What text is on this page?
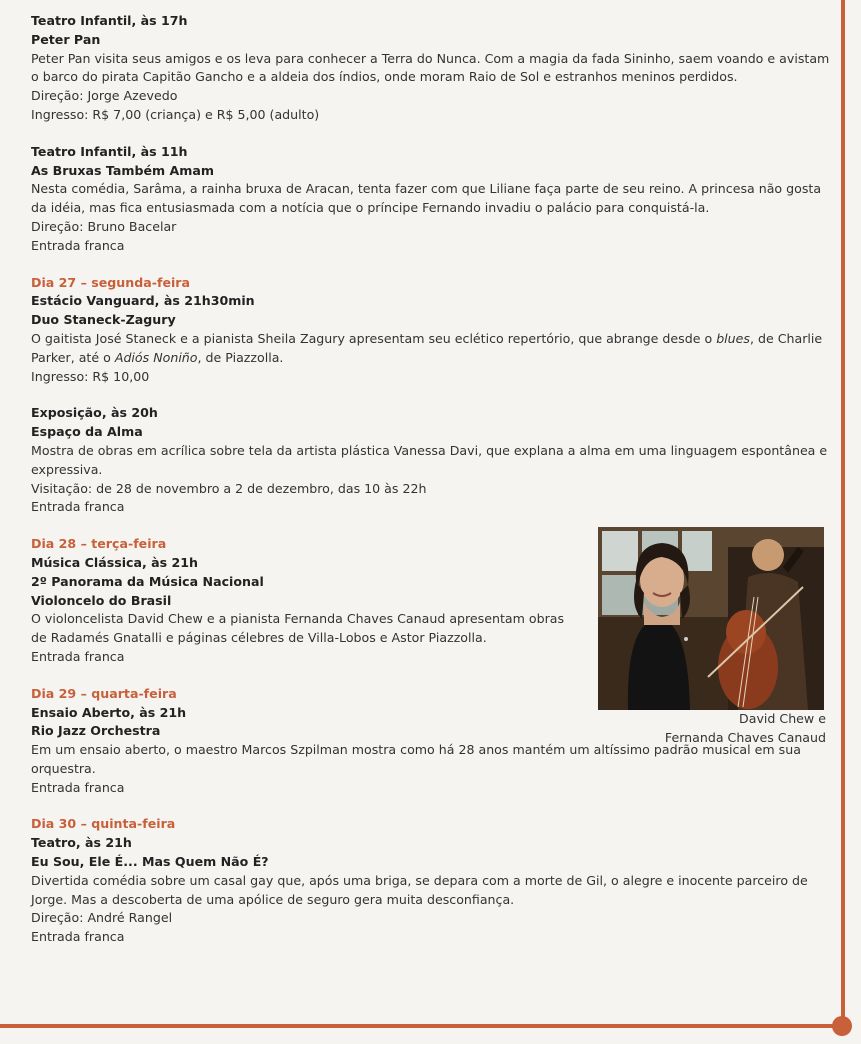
Teatro Infantil, às 17h
Peter Pan
Peter Pan visita seus amigos e os leva para conhecer a Terra do Nunca. Com a magia da fada Sininho, saem voando e avistam o barco do pirata Capitão Gancho e a aldeia dos índios, onde moram Raio de Sol e estranhos meninos perdidos.
Direção: Jorge Azevedo
Ingresso: R$ 7,00 (criança) e R$ 5,00 (adulto)
Teatro Infantil, às 11h
As Bruxas Também Amam
Nesta comédia, Sarâma, a rainha bruxa de Aracan, tenta fazer com que Liliane faça parte de seu reino. A princesa não gosta da idéia, mas fica entusiasmada com a notícia que o príncipe Fernando invadiu o palácio para conquistá-la.
Direção: Bruno Bacelar
Entrada franca
Dia 27 – segunda-feira
Estácio Vanguard, às 21h30min
Duo Staneck-Zagury
O gaitista José Staneck e a pianista Sheila Zagury apresentam seu eclético repertório, que abrange desde o blues, de Charlie Parker, até o Adiós Noniño, de Piazzolla.
Ingresso: R$ 10,00
Exposição, às 20h
Espaço da Alma
Mostra de obras em acrílica sobre tela da artista plástica Vanessa Davi, que explana a alma em uma linguagem espontânea e expressiva.
Visitação: de 28 de novembro a 2 de dezembro, das 10 às 22h
Entrada franca
Dia 28 – terça-feira
Música Clássica, às 21h
2º Panorama da Música Nacional
Violoncelo do Brasil
O violoncelista David Chew e a pianista Fernanda Chaves Canaud apresentam obras de Radamés Gnatalli e páginas célebres de Villa-Lobos e Astor Piazzolla.
Entrada franca
Dia 29 – quarta-feira
Ensaio Aberto, às 21h
Rio Jazz Orchestra
Em um ensaio aberto, o maestro Marcos Szpilman mostra como há 28 anos mantém um altíssimo padrão musical em sua orquestra.
Entrada franca
Dia 30 – quinta-feira
Teatro, às 21h
Eu Sou, Ele É... Mas Quem Não É?
Divertida comédia sobre um casal gay que, após uma briga, se depara com a morte de Gil, o alegre e inocente parceiro de Jorge. Mas a descoberta de uma apólice de seguro gera muita desconfiança.
Direção: André Rangel
Entrada franca
David Chew e
Fernanda Chaves Canaud
